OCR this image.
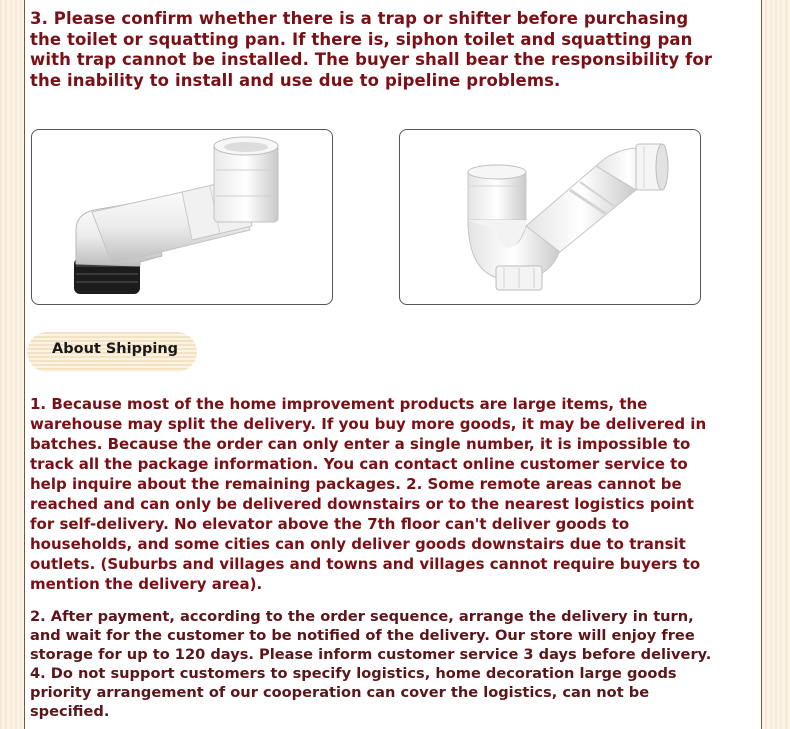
3. Please confirm whether there is a trap or shifter before purchasing the toilet or squatting pan. If there is, siphon toilet and squatting pan with trap cannot be installed. The buyer shall bear the responsibility for the inability to install and use due to pipeline problems.
About Shipping
1. Because most of the home improvement products are large items, the warehouse may split the delivery. If you buy more goods, it may be delivered in batches. Because the order can only enter a single number, it is impossible to track all the package information. You can contact online customer service to help inquire about the remaining packages. 2. Some remote areas cannot be reached and can only be delivered downstairs or to the nearest logistics point for self-delivery. No elevator above the 7th floor can't deliver goods to households, and some cities can only deliver goods downstairs due to transit outlets. (Suburbs and villages and towns and villages cannot require buyers to mention the delivery area).
2. After payment, according to the order sequence, arrange the delivery in turn, and wait for the customer to be notified of the delivery. Our store will enjoy free storage for up to 120 days. Please inform customer service 3 days before delivery. 4. Do not support customers to specify logistics, home decoration large goods priority arrangement of our cooperation can cover the logistics, can not be specified.
